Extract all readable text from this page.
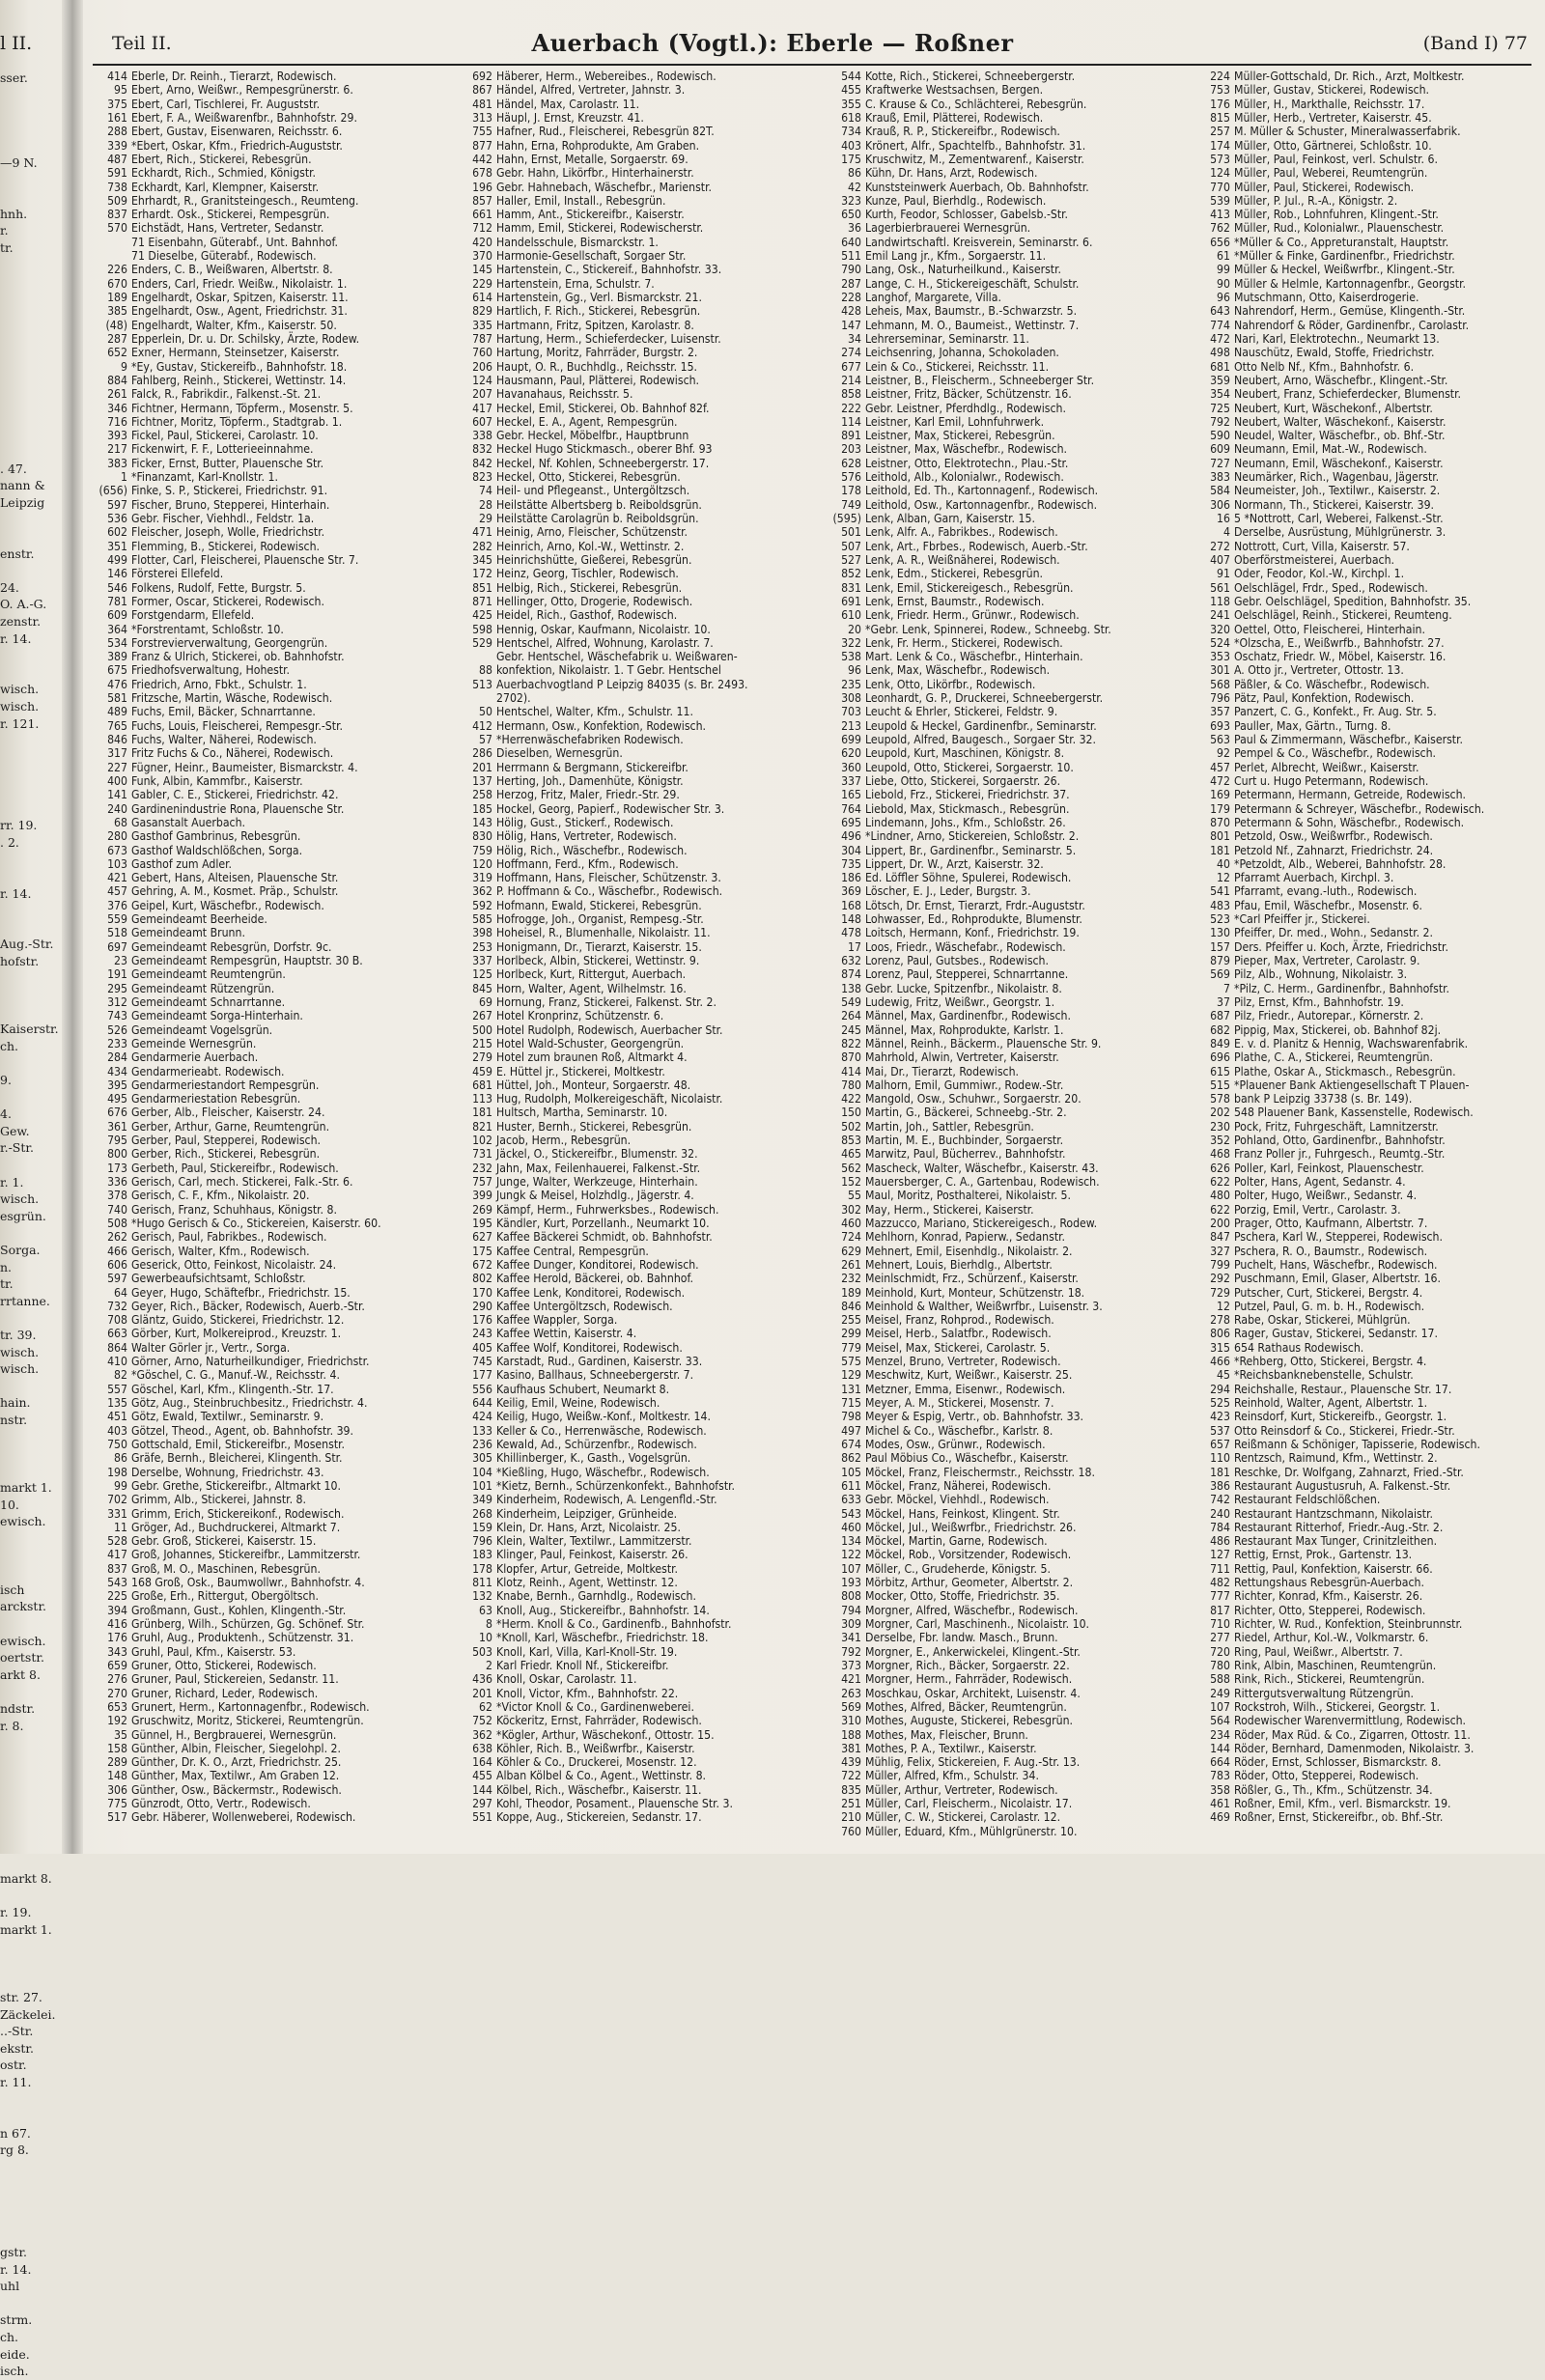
l II.	Teil II.	Auerbach (Vogtl.): Eberle — Roßner	(Band I) 77
sser.
—9 N.
hnh.
r.
tr.
. 47.
nann &
Leipzig
enstr.
24.
O. A.-G.
zenstr.
r. 14.
wisch.
wisch.
r. 121.
rr. 19.
. 2.
r. 14.
Aug.-Str.
hofstr.
Kaiserstr.
ch.
9.
4.
Gew.
r.-Str.
r. 1.
wisch.
esgrün.
Sorga.
n.
tr.
rrtanne.
tr. 39.
wisch.
wisch.
hain.
nstr.
markt 1.
10.
ewisch.
isch
arckstr.
ewisch.
oertstr.
arkt 8.
ndstr.
r. 8.
markt 8.
r. 19.
markt 1.
str. 27.
Zäckelei.
..-Str.
ekstr.
ostr.
r. 11.
n 67.
rg 8.
gstr.
r. 14.
uhl
strm.
ch.
eide.
isch.
414 Eberle, Dr. Reinh., Tierarzt, Rodewisch.
95 Ebert, Arno, Weißwr., Rempesgrünerstr. 6.
375 Ebert, Carl, Tischlerei, Fr. Auguststr.
161 Ebert, F. A., Weißwarenfbr., Bahnhofstr. 29.
288 Ebert, Gustav, Eisenwaren, Reichsstr. 6.
339 *Ebert, Oskar, Kfm., Friedrich-Auguststr.
487 Ebert, Rich., Stickerei, Rebesgrün.
591 Eckhardt, Rich., Schmied, Königstr.
738 Eckhardt, Karl, Klempner, Kaiserstr.
509 Ehrhardt, R., Granitsteingesch., Reumteng.
837 Erhardt. Osk., Stickerei, Rempesgrün.
570 Eichstädt, Hans, Vertreter, Sedanstr.
71 Eisenbahn, Güterabf., Unt. Bahnhof.
71 Dieselbe, Güterabf., Rodewisch.
226 Enders, C. B., Weißwaren, Albertstr. 8.
670 Enders, Carl, Friedr. Weißw., Nikolaistr. 1.
189 Engelhardt, Oskar, Spitzen, Kaiserstr. 11.
385 Engelhardt, Osw., Agent, Friedrichstr. 31.
(48) Engelhardt, Walter, Kfm., Kaiserstr. 50.
287 Epperlein, Dr. u. Dr. Schilsky, Ärzte, Rodew.
652 Exner, Hermann, Steinsetzer, Kaiserstr.
9 *Ey, Gustav, Stickereifb., Bahnhofstr. 18.
884 Fahlberg, Reinh., Stickerei, Wettinstr. 14.
261 Falck, R., Fabrikdir., Falkenst.-St. 21.
346 Fichtner, Hermann, Töpferm., Mosenstr. 5.
716 Fichtner, Moritz, Töpferm., Stadtgrab. 1.
393 Fickel, Paul, Stickerei, Carolastr. 10.
217 Fickenwirt, F. F., Lotterieeinnahme.
383 Ficker, Ernst, Butter, Plauensche Str.
1 *Finanzamt, Karl-Knollstr. 1.
(656) Finke, S. P., Stickerei, Friedrichstr. 91.
597 Fischer, Bruno, Stepperei, Hinterhain.
536 Gebr. Fischer, Viehhdl., Feldstr. 1a.
602 Fleischer, Joseph, Wolle, Friedrichstr.
351 Flemming, B., Stickerei, Rodewisch.
499 Flotter, Carl, Fleischerei, Plauensche Str. 7.
146 Försterei Ellefeld.
546 Folkens, Rudolf, Fette, Burgstr. 5.
781 Former, Oscar, Stickerei, Rodewisch.
609 Forstgendarm, Ellefeld.
364 *Forstrentamt, Schloßstr. 10.
534 Forstrevierverwaltung, Georgengrün.
389 Franz & Ulrich, Stickerei, ob. Bahnhofstr.
675 Friedhofsverwaltung, Hohestr.
476 Friedrich, Arno, Fbkt., Schulstr. 1.
581 Fritzsche, Martin, Wäsche, Rodewisch.
489 Fuchs, Emil, Bäcker, Schnarrtanne.
765 Fuchs, Louis, Fleischerei, Rempesgr.-Str.
846 Fuchs, Walter, Näherei, Rodewisch.
317 Fritz Fuchs & Co., Näherei, Rodewisch.
227 Fügner, Heinr., Baumeister, Bismarckstr. 4.
400 Funk, Albin, Kammfbr., Kaiserstr.
141 Gabler, C. E., Stickerei, Friedrichstr. 42.
240 Gardinenindustrie Rona, Plauensche Str.
68 Gasanstalt Auerbach.
280 Gasthof Gambrinus, Rebesgrün.
673 Gasthof Waldschlößchen, Sorga.
103 Gasthof zum Adler.
421 Gebert, Hans, Alteisen, Plauensche Str.
457 Gehring, A. M., Kosmet. Präp., Schulstr.
376 Geipel, Kurt, Wäschefbr., Rodewisch.
559 Gemeindeamt Beerheide.
518 Gemeindeamt Brunn.
697 Gemeindeamt Rebesgrün, Dorfstr. 9c.
23 Gemeindeamt Rempesgrün, Hauptstr. 30 B.
191 Gemeindeamt Reumtengrün.
295 Gemeindeamt Rützengrün.
312 Gemeindeamt Schnarrtanne.
743 Gemeindeamt Sorga-Hinterhain.
526 Gemeindeamt Vogelsgrün.
233 Gemeinde Wernesgrün.
284 Gendarmerie Auerbach.
434 Gendarmerieabt. Rodewisch.
395 Gendarmeriestandort Rempesgrün.
495 Gendarmeriestation Rebesgrün.
676 Gerber, Alb., Fleischer, Kaiserstr. 24.
361 Gerber, Arthur, Garne, Reumtengrün.
795 Gerber, Paul, Stepperei, Rodewisch.
800 Gerber, Rich., Stickerei, Rebesgrün.
173 Gerbeth, Paul, Stickereifbr., Rodewisch.
336 Gerisch, Carl, mech. Stickerei, Falk.-Str. 6.
378 Gerisch, C. F., Kfm., Nikolaistr. 20.
740 Gerisch, Franz, Schuhhaus, Königstr. 8.
508 *Hugo Gerisch & Co., Stickereien, Kaiserstr. 60.
262 Gerisch, Paul, Fabrikbes., Rodewisch.
466 Gerisch, Walter, Kfm., Rodewisch.
606 Geserick, Otto, Feinkost, Nicolaistr. 24.
597 Gewerbeaufsichtsamt, Schloßstr.
64 Geyer, Hugo, Schäftefbr., Friedrichstr. 15.
732 Geyer, Rich., Bäcker, Rodewisch, Auerb.-Str.
708 Gläntz, Guido, Stickerei, Friedrichstr. 12.
663 Görber, Kurt, Molkereiprod., Kreuzstr. 1.
864 Walter Görler jr., Vertr., Sorga.
410 Görner, Arno, Naturheilkundiger, Friedrichstr.
82 *Göschel, C. G., Manuf.-W., Reichsstr. 4.
557 Göschel, Karl, Kfm., Klingenth.-Str. 17.
135 Götz, Aug., Steinbruchbesitz., Friedrichstr. 4.
451 Götz, Ewald, Textilwr., Seminarstr. 9.
403 Götzel, Theod., Agent, ob. Bahnhofstr. 39.
750 Gottschald, Emil, Stickereifbr., Mosenstr.
86 Gräfe, Bernh., Bleicherei, Klingenth. Str.
198 Derselbe, Wohnung, Friedrichstr. 43.
99 Gebr. Grethe, Stickereifbr., Altmarkt 10.
702 Grimm, Alb., Stickerei, Jahnstr. 8.
331 Grimm, Erich, Stickereikonf., Rodewisch.
11 Gröger, Ad., Buchdruckerei, Altmarkt 7.
528 Gebr. Groß, Stickerei, Kaiserstr. 15.
417 Groß, Johannes, Stickereifbr., Lammitzerstr.
837 Groß, M. O., Maschinen, Rebesgrün.
543 168 Groß, Osk., Baumwollwr., Bahnhofstr. 4.
225 Große, Erh., Rittergut, Obergöltsch.
394 Großmann, Gust., Kohlen, Klingenth.-Str.
416 Grünberg, Wilh., Schürzen, Gg. Schönef. Str.
176 Gruhl, Aug., Produktenh., Schützenstr. 31.
343 Gruhl, Paul, Kfm., Kaiserstr. 53.
659 Gruner, Otto, Stickerei, Rodewisch.
276 Gruner, Paul, Stickereien, Sedanstr. 11.
270 Gruner, Richard, Leder, Rodewisch.
653 Grunert, Herm., Kartonnagenfbr., Rodewisch.
192 Gruschwitz, Moritz, Stickerei, Reumtengrün.
35 Günnel, H., Bergbrauerei, Wernesgrün.
158 Günther, Albin, Fleischer, Siegelohpl. 2.
289 Günther, Dr. K. O., Arzt, Friedrichstr. 25.
148 Günther, Max, Textilwr., Am Graben 12.
306 Günther, Osw., Bäckermstr., Rodewisch.
775 Günzrodt, Otto, Vertr., Rodewisch.
517 Gebr. Häberer, Wollenweberei, Rodewisch.
692 Häberer, Herm., Webereibes., Rodewisch.
867 Händel, Alfred, Vertreter, Jahnstr. 3.
481 Händel, Max, Carolastr. 11.
313 Häupl, J. Ernst, Kreuzstr. 41.
755 Hafner, Rud., Fleischerei, Rebesgrün 82T.
877 Hahn, Erna, Rohprodukte, Am Graben.
442 Hahn, Ernst, Metalle, Sorgaerstr. 69.
678 Gebr. Hahn, Likörfbr., Hinterhainerstr.
196 Gebr. Hahnebach, Wäschefbr., Marienstr.
857 Haller, Emil, Install., Rebesgrün.
661 Hamm, Ant., Stickereifbr., Kaiserstr.
712 Hamm, Emil, Stickerei, Rodewischerstr.
420 Handelsschule, Bismarckstr. 1.
370 Harmonie-Gesellschaft, Sorgaer Str.
145 Hartenstein, C., Stickereif., Bahnhofstr. 33.
229 Hartenstein, Erna, Schulstr. 7.
614 Hartenstein, Gg., Verl. Bismarckstr. 21.
829 Hartlich, F. Rich., Stickerei, Rebesgrün.
335 Hartmann, Fritz, Spitzen, Karolastr. 8.
787 Hartung, Herm., Schieferdecker, Luisenstr.
760 Hartung, Moritz, Fahrräder, Burgstr. 2.
206 Haupt, O. R., Buchhdlg., Reichsstr. 15.
124 Hausmann, Paul, Plätterei, Rodewisch.
207 Havanahaus, Reichsstr. 5.
417 Heckel, Emil, Stickerei, Ob. Bahnhof 82f.
607 Heckel, E. A., Agent, Rempesgrün.
338 Gebr. Heckel, Möbelfbr., Hauptbrunn
832 Heckel Hugo Stickmasch., oberer Bhf. 93
842 Heckel, Nf. Kohlen, Schneebergerstr. 17.
823 Heckel, Otto, Stickerei, Rebesgrün.
74 Heil- und Pflegeanst., Untergöltzsch.
28 Heilstätte Albertsberg b. Reiboldsgrün.
29 Heilstätte Carolagrün b. Reiboldsgrün.
471 Heinig, Arno, Fleischer, Schützenstr.
282 Heinrich, Arno, Kol.-W., Wettinstr. 2.
345 Heinrichshütte, Gießerei, Rebesgrün.
172 Heinz, Georg, Tischler, Rodewisch.
851 Helbig, Rich., Stickerei, Rebesgrün.
871 Hellinger, Otto, Drogerie, Rodewisch.
425 Heidel, Rich., Gasthof, Rodewisch.
598 Hennig, Oskar, Kaufmann, Nicolaistr. 10.
529 Hentschel, Alfred, Wohnung, Karolastr. 7.
Gebr. Hentschel, Wäschefabrik u. Weißwaren-
88 konfektion, Nikolaistr. 1. T Gebr. Hentschel
513 Auerbachvogtland P Leipzig 84035 (s. Br. 2493.
2702).
50 Hentschel, Walter, Kfm., Schulstr. 11.
412 Hermann, Osw., Konfektion, Rodewisch.
57 *Herrenwäschefabriken Rodewisch.
286 Dieselben, Wernesgrün.
201 Herrmann & Bergmann, Stickereifbr.
137 Herting, Joh., Damenhüte, Königstr.
258 Herzog, Fritz, Maler, Friedr.-Str. 29.
185 Hockel, Georg, Papierf., Rodewischer Str. 3.
143 Hölig, Gust., Stickerf., Rodewisch.
830 Hölig, Hans, Vertreter, Rodewisch.
759 Hölig, Rich., Wäschefbr., Rodewisch.
120 Hoffmann, Ferd., Kfm., Rodewisch.
319 Hoffmann, Hans, Fleischer, Schützenstr. 3.
362 P. Hoffmann & Co., Wäschefbr., Rodewisch.
592 Hofmann, Ewald, Stickerei, Rebesgrün.
585 Hofrogge, Joh., Organist, Rempesg.-Str.
398 Hoheisel, R., Blumenhalle, Nikolaistr. 11.
253 Honigmann, Dr., Tierarzt, Kaiserstr. 15.
337 Horlbeck, Albin, Stickerei, Wettinstr. 9.
125 Horlbeck, Kurt, Rittergut, Auerbach.
845 Horn, Walter, Agent, Wilhelmstr. 16.
69 Hornung, Franz, Stickerei, Falkenst. Str. 2.
267 Hotel Kronprinz, Schützenstr. 6.
500 Hotel Rudolph, Rodewisch, Auerbacher Str.
215 Hotel Wald-Schuster, Georgengrün.
279 Hotel zum braunen Roß, Altmarkt 4.
459 E. Hüttel jr., Stickerei, Moltkestr.
681 Hüttel, Joh., Monteur, Sorgaerstr. 48.
113 Hug, Rudolph, Molkereigeschäft, Nicolaistr.
181 Hultsch, Martha, Seminarstr. 10.
821 Huster, Bernh., Stickerei, Rebesgrün.
102 Jacob, Herm., Rebesgrün.
731 Jäckel, O., Stickereifbr., Blumenstr. 32.
232 Jahn, Max, Feilenhauerei, Falkenst.-Str.
757 Junge, Walter, Werkzeuge, Hinterhain.
399 Jungk & Meisel, Holzhdlg., Jägerstr. 4.
269 Kämpf, Herm., Fuhrwerksbes., Rodewisch.
195 Kändler, Kurt, Porzellanh., Neumarkt 10.
627 Kaffee Bäckerei Schmidt, ob. Bahnhofstr.
175 Kaffee Central, Rempesgrün.
672 Kaffee Dunger, Konditorei, Rodewisch.
802 Kaffee Herold, Bäckerei, ob. Bahnhof.
170 Kaffee Lenk, Konditorei, Rodewisch.
290 Kaffee Untergöltzsch, Rodewisch.
176 Kaffee Wappler, Sorga.
243 Kaffee Wettin, Kaiserstr. 4.
405 Kaffee Wolf, Konditorei, Rodewisch.
745 Karstadt, Rud., Gardinen, Kaiserstr. 33.
177 Kasino, Ballhaus, Schneebergerstr. 7.
556 Kaufhaus Schubert, Neumarkt 8.
644 Keilig, Emil, Weine, Rodewisch.
424 Keilig, Hugo, Weißw.-Konf., Moltkestr. 14.
133 Keller & Co., Herrenwäsche, Rodewisch.
236 Kewald, Ad., Schürzenfbr., Rodewisch.
305 Khillinberger, K., Gasth., Vogelsgrün.
104 *Kießling, Hugo, Wäschefbr., Rodewisch.
101 *Kietz, Bernh., Schürzenkonfekt., Bahnhofstr.
349 Kinderheim, Rodewisch, A. Lengenfld.-Str.
268 Kinderheim, Leipziger, Grünheide.
159 Klein, Dr. Hans, Arzt, Nicolaistr. 25.
796 Klein, Walter, Textilwr., Lammitzerstr.
183 Klinger, Paul, Feinkost, Kaiserstr. 26.
178 Klopfer, Artur, Getreide, Moltkestr.
811 Klotz, Reinh., Agent, Wettinstr. 12.
132 Knabe, Bernh., Garnhdlg., Rodewisch.
63 Knoll, Aug., Stickereifbr., Bahnhofstr. 14.
8 *Herm. Knoll & Co., Gardinenfb., Bahnhofstr.
10 *Knoll, Karl, Wäschefbr., Friedrichstr. 18.
503 Knoll, Karl, Villa, Karl-Knoll-Str. 19.
2 Karl Friedr. Knoll Nf., Stickereifbr.
436 Knoll, Oskar, Carolastr. 11.
201 Knoll, Victor, Kfm., Bahnhofstr. 22.
62 *Victor Knoll & Co., Gardinenweberei.
752 Köckeritz, Ernst, Fahrräder, Rodewisch.
362 *Kögler, Arthur, Wäschekonf., Ottostr. 15.
638 Köhler, Rich. B., Weißwrfbr., Kaiserstr.
164 Köhler & Co., Druckerei, Mosenstr. 12.
455 Alban Kölbel & Co., Agent., Wettinstr. 8.
144 Kölbel, Rich., Wäschefbr., Kaiserstr. 11.
297 Kohl, Theodor, Posament., Plauensche Str. 3.
551 Koppe, Aug., Stickereien, Sedanstr. 17.
544 Kotte, Rich., Stickerei, Schneebergerstr.
455 Kraftwerke Westsachsen, Bergen.
355 C. Krause & Co., Schlächterei, Rebesgrün.
618 Krauß, Emil, Plätterei, Rodewisch.
734 Krauß, R. P., Stickereifbr., Rodewisch.
403 Krönert, Alfr., Spachtelfb., Bahnhofstr. 31.
175 Kruschwitz, M., Zementwarenf., Kaiserstr.
86 Kühn, Dr. Hans, Arzt, Rodewisch.
42 Kunststeinwerk Auerbach, Ob. Bahnhofstr.
323 Kunze, Paul, Bierhdlg., Rodewisch.
650 Kurth, Feodor, Schlosser, Gabelsb.-Str.
36 Lagerbierbrauerei Wernesgrün.
640 Landwirtschaftl. Kreisverein, Seminarstr. 6.
511 Emil Lang jr., Kfm., Sorgaerstr. 11.
790 Lang, Osk., Naturheilkund., Kaiserstr.
287 Lange, C. H., Stickereigeschäft, Schulstr.
228 Langhof, Margarete, Villa.
428 Leheis, Max, Baumstr., B.-Schwarzstr. 5.
147 Lehmann, M. O., Baumeist., Wettinstr. 7.
34 Lehrerseminar, Seminarstr. 11.
274 Leichsenring, Johanna, Schokoladen.
677 Lein & Co., Stickerei, Reichsstr. 11.
214 Leistner, B., Fleischerm., Schneeberger Str.
858 Leistner, Fritz, Bäcker, Schützenstr. 16.
222 Gebr. Leistner, Pferdhdlg., Rodewisch.
114 Leistner, Karl Emil, Lohnfuhrwerk.
891 Leistner, Max, Stickerei, Rebesgrün.
203 Leistner, Max, Wäschefbr., Rodewisch.
628 Leistner, Otto, Elektrotechn., Plau.-Str.
576 Leithold, Alb., Kolonialwr., Rodewisch.
178 Leithold, Ed. Th., Kartonnagenf., Rodewisch.
749 Leithold, Osw., Kartonnagenfbr., Rodewisch.
(595) Lenk, Alban, Garn, Kaiserstr. 15.
501 Lenk, Alfr. A., Fabrikbes., Rodewisch.
507 Lenk, Art., Fbrbes., Rodewisch, Auerb.-Str.
527 Lenk, A. R., Weißnäherei, Rodewisch.
852 Lenk, Edm., Stickerei, Rebesgrün.
831 Lenk, Emil, Stickereigesch., Rebesgrün.
691 Lenk, Ernst, Baumstr., Rodewisch.
610 Lenk, Friedr. Herm., Grünwr., Rodewisch.
20 *Gebr. Lenk, Spinnerei, Rodew., Schneebg. Str.
322 Lenk, Fr. Herm., Stickerei, Rodewisch.
538 Mart. Lenk & Co., Wäschefbr., Hinterhain.
96 Lenk, Max, Wäschefbr., Rodewisch.
235 Lenk, Otto, Likörfbr., Rodewisch.
308 Leonhardt, G. P., Druckerei, Schneebergerstr.
703 Leucht & Ehrler, Stickerei, Feldstr. 9.
213 Leupold & Heckel, Gardinenfbr., Seminarstr.
699 Leupold, Alfred, Baugesch., Sorgaer Str. 32.
620 Leupold, Kurt, Maschinen, Königstr. 8.
360 Leupold, Otto, Stickerei, Sorgaerstr. 10.
337 Liebe, Otto, Stickerei, Sorgaerstr. 26.
165 Liebold, Frz., Stickerei, Friedrichstr. 37.
764 Liebold, Max, Stickmasch., Rebesgrün.
695 Lindemann, Johs., Kfm., Schloßstr. 26.
496 *Lindner, Arno, Stickereien, Schloßstr. 2.
304 Lippert, Br., Gardinenfbr., Seminarstr. 5.
735 Lippert, Dr. W., Arzt, Kaiserstr. 32.
186 Ed. Löffler Söhne, Spulerei, Rodewisch.
369 Löscher, E. J., Leder, Burgstr. 3.
168 Lötsch, Dr. Ernst, Tierarzt, Frdr.-Auguststr.
148 Lohwasser, Ed., Rohprodukte, Blumenstr.
478 Loitsch, Hermann, Konf., Friedrichstr. 19.
17 Loos, Friedr., Wäschefabr., Rodewisch.
632 Lorenz, Paul, Gutsbes., Rodewisch.
874 Lorenz, Paul, Stepperei, Schnarrtanne.
138 Gebr. Lucke, Spitzenfbr., Nikolaistr. 8.
549 Ludewig, Fritz, Weißwr., Georgstr. 1.
264 Männel, Max, Gardinenfbr., Rodewisch.
245 Männel, Max, Rohprodukte, Karlstr. 1.
822 Männel, Reinh., Bäckerm., Plauensche Str. 9.
870 Mahrhold, Alwin, Vertreter, Kaiserstr.
414 Mai, Dr., Tierarzt, Rodewisch.
780 Malhorn, Emil, Gummiwr., Rodew.-Str.
422 Mangold, Osw., Schuhwr., Sorgaerstr. 20.
150 Martin, G., Bäckerei, Schneebg.-Str. 2.
502 Martin, Joh., Sattler, Rebesgrün.
853 Martin, M. E., Buchbinder, Sorgaerstr.
465 Marwitz, Paul, Bücherrev., Bahnhofstr.
562 Mascheck, Walter, Wäschefbr., Kaiserstr. 43.
152 Mauersberger, C. A., Gartenbau, Rodewisch.
55 Maul, Moritz, Posthalterei, Nikolaistr. 5.
302 May, Herm., Stickerei, Kaiserstr.
460 Mazzucco, Mariano, Stickereigesch., Rodew.
724 Mehlhorn, Konrad, Papierw., Sedanstr.
629 Mehnert, Emil, Eisenhdlg., Nikolaistr. 2.
261 Mehnert, Louis, Bierhdlg., Albertstr.
232 Meinlschmidt, Frz., Schürzenf., Kaiserstr.
189 Meinhold, Kurt, Monteur, Schützenstr. 18.
846 Meinhold & Walther, Weißwrfbr., Luisenstr. 3.
255 Meisel, Franz, Rohprod., Rodewisch.
299 Meisel, Herb., Salatfbr., Rodewisch.
779 Meisel, Max, Stickerei, Carolastr. 5.
575 Menzel, Bruno, Vertreter, Rodewisch.
129 Meschwitz, Kurt, Weißwr., Kaiserstr. 25.
131 Metzner, Emma, Eisenwr., Rodewisch.
715 Meyer, A. M., Stickerei, Mosenstr. 7.
798 Meyer & Espig, Vertr., ob. Bahnhofstr. 33.
497 Michel & Co., Wäschefbr., Karlstr. 8.
674 Modes, Osw., Grünwr., Rodewisch.
862 Paul Möbius Co., Wäschefbr., Kaiserstr.
105 Möckel, Franz, Fleischermstr., Reichsstr. 18.
611 Möckel, Franz, Näherei, Rodewisch.
633 Gebr. Möckel, Viehhdl., Rodewisch.
543 Möckel, Hans, Feinkost, Klingent. Str.
460 Möckel, Jul., Weißwrfbr., Friedrichstr. 26.
134 Möckel, Martin, Garne, Rodewisch.
122 Möckel, Rob., Vorsitzender, Rodewisch.
107 Möller, C., Grudeherde, Königstr. 5.
193 Mörbitz, Arthur, Geometer, Albertstr. 2.
808 Mocker, Otto, Stoffe, Friedrichstr. 35.
794 Morgner, Alfred, Wäschefbr., Rodewisch.
309 Morgner, Carl, Maschinenh., Nicolaistr. 10.
341 Derselbe, Fbr. landw. Masch., Brunn.
792 Morgner, E., Ankerwickelei, Klingent.-Str.
373 Morgner, Rich., Bäcker, Sorgaerstr. 22.
421 Morgner, Herm., Fahrräder, Rodewisch.
263 Moschkau, Oskar, Architekt, Luisenstr. 4.
569 Mothes, Alfred, Bäcker, Reumtengrün.
310 Mothes, Auguste, Stickerei, Rebesgrün.
188 Mothes, Max, Fleischer, Brunn.
381 Mothes, P. A., Textilwr., Kaiserstr.
439 Mühlig, Felix, Stickereien, F. Aug.-Str. 13.
722 Müller, Alfred, Kfm., Schulstr. 34.
835 Müller, Arthur, Vertreter, Rodewisch.
251 Müller, Carl, Fleischerm., Nicolaistr. 17.
210 Müller, C. W., Stickerei, Carolastr. 12.
760 Müller, Eduard, Kfm., Mühlgrünerstr. 10.
224 Müller-Gottschald, Dr. Rich., Arzt, Moltkestr.
753 Müller, Gustav, Stickerei, Rodewisch.
176 Müller, H., Markthalle, Reichsstr. 17.
815 Müller, Herb., Vertreter, Kaiserstr. 45.
257 M. Müller & Schuster, Mineralwasserfabrik.
174 Müller, Otto, Gärtnerei, Schloßstr. 10.
573 Müller, Paul, Feinkost, verl. Schulstr. 6.
124 Müller, Paul, Weberei, Reumtengrün.
770 Müller, Paul, Stickerei, Rodewisch.
539 Müller, P. Jul., R.-A., Königstr. 2.
413 Müller, Rob., Lohnfuhren, Klingent.-Str.
762 Müller, Rud., Kolonialwr., Plauenschestr.
656 *Müller & Co., Appreturanstalt, Hauptstr.
61 *Müller & Finke, Gardinenfbr., Friedrichstr.
99 Müller & Heckel, Weißwrfbr., Klingent.-Str.
90 Müller & Helmle, Kartonnagenfbr., Georgstr.
96 Mutschmann, Otto, Kaiserdrogerie.
643 Nahrendorf, Herm., Gemüse, Klingenth.-Str.
774 Nahrendorf & Röder, Gardinenfbr., Carolastr.
472 Nari, Karl, Elektrotechn., Neumarkt 13.
498 Nauschütz, Ewald, Stoffe, Friedrichstr.
681 Otto Nelb Nf., Kfm., Bahnhofstr. 6.
359 Neubert, Arno, Wäschefbr., Klingent.-Str.
354 Neubert, Franz, Schieferdecker, Blumenstr.
725 Neubert, Kurt, Wäschekonf., Albertstr.
792 Neubert, Walter, Wäschekonf., Kaiserstr.
590 Neudel, Walter, Wäschefbr., ob. Bhf.-Str.
609 Neumann, Emil, Mat.-W., Rodewisch.
727 Neumann, Emil, Wäschekonf., Kaiserstr.
383 Neumärker, Rich., Wagenbau, Jägerstr.
584 Neumeister, Joh., Textilwr., Kaiserstr. 2.
306 Normann, Th., Stickerei, Kaiserstr. 39.
16 5 *Nottrott, Carl, Weberei, Falkenst.-Str.
4 Derselbe, Ausrüstung, Mühlgrünerstr. 3.
272 Nottrott, Curt, Villa, Kaiserstr. 57.
407 Oberförstmeisterei, Auerbach.
91 Oder, Feodor, Kol.-W., Kirchpl. 1.
561 Oelschlägel, Frdr., Sped., Rodewisch.
118 Gebr. Oelschlägel, Spedition, Bahnhofstr. 35.
241 Oelschlägel, Reinh., Stickerei, Reumteng.
320 Oettel, Otto, Fleischerei, Hinterhain.
524 *Olzscha, E., Weißwrfb., Bahnhofstr. 27.
353 Oschatz, Friedr. W., Möbel, Kaiserstr. 16.
301 A. Otto jr., Vertreter, Ottostr. 13.
568 Päßler, & Co. Wäschefbr., Rodewisch.
796 Pätz, Paul, Konfektion, Rodewisch.
357 Panzert, C. G., Konfekt., Fr. Aug. Str. 5.
693 Pauller, Max, Gärtn., Turng. 8.
563 Paul & Zimmermann, Wäschefbr., Kaiserstr.
92 Pempel & Co., Wäschefbr., Rodewisch.
457 Perlet, Albrecht, Weißwr., Kaiserstr.
472 Curt u. Hugo Petermann, Rodewisch.
169 Petermann, Hermann, Getreide, Rodewisch.
179 Petermann & Schreyer, Wäschefbr., Rodewisch.
870 Petermann & Sohn, Wäschefbr., Rodewisch.
801 Petzold, Osw., Weißwrfbr., Rodewisch.
181 Petzold Nf., Zahnarzt, Friedrichstr. 24.
40 *Petzoldt, Alb., Weberei, Bahnhofstr. 28.
12 Pfarramt Auerbach, Kirchpl. 3.
541 Pfarramt, evang.-luth., Rodewisch.
483 Pfau, Emil, Wäschefbr., Mosenstr. 6.
523 *Carl Pfeiffer jr., Stickerei.
130 Pfeiffer, Dr. med., Wohn., Sedanstr. 2.
157 Ders. Pfeiffer u. Koch, Ärzte, Friedrichstr.
879 Pieper, Max, Vertreter, Carolastr. 9.
569 Pilz, Alb., Wohnung, Nikolaistr. 3.
7 *Pilz, C. Herm., Gardinenfbr., Bahnhofstr.
37 Pilz, Ernst, Kfm., Bahnhofstr. 19.
687 Pilz, Friedr., Autorepar., Körnerstr. 2.
682 Pippig, Max, Stickerei, ob. Bahnhof 82j.
849 E. v. d. Planitz & Hennig, Wachswarenfabrik.
696 Plathe, C. A., Stickerei, Reumtengrün.
615 Plathe, Oskar A., Stickmasch., Rebesgrün.
515 *Plauener Bank Aktiengesellschaft T Plauen-
578 bank P Leipzig 33738 (s. Br. 149).
202 548 Plauener Bank, Kassenstelle, Rodewisch.
230 Pock, Fritz, Fuhrgeschäft, Lamnitzerstr.
352 Pohland, Otto, Gardinenfbr., Bahnhofstr.
468 Franz Poller jr., Fuhrgesch., Reumtg.-Str.
626 Poller, Karl, Feinkost, Plauenschestr.
622 Polter, Hans, Agent, Sedanstr. 4.
480 Polter, Hugo, Weißwr., Sedanstr. 4.
622 Porzig, Emil, Vertr., Carolastr. 3.
200 Prager, Otto, Kaufmann, Albertstr. 7.
847 Pschera, Karl W., Stepperei, Rodewisch.
327 Pschera, R. O., Baumstr., Rodewisch.
799 Puchelt, Hans, Wäschefbr., Rodewisch.
292 Puschmann, Emil, Glaser, Albertstr. 16.
729 Putscher, Curt, Stickerei, Bergstr. 4.
12 Putzel, Paul, G. m. b. H., Rodewisch.
278 Rabe, Oskar, Stickerei, Mühlgrün.
806 Rager, Gustav, Stickerei, Sedanstr. 17.
315 654 Rathaus Rodewisch.
466 *Rehberg, Otto, Stickerei, Bergstr. 4.
45 *Reichsbanknebenstelle, Schulstr.
294 Reichshalle, Restaur., Plauensche Str. 17.
525 Reinhold, Walter, Agent, Albertstr. 1.
423 Reinsdorf, Kurt, Stickereifb., Georgstr. 1.
537 Otto Reinsdorf & Co., Stickerei, Friedr.-Str.
657 Reißmann & Schöniger, Tapisserie, Rodewisch.
110 Rentzsch, Raimund, Kfm., Wettinstr. 2.
181 Reschke, Dr. Wolfgang, Zahnarzt, Fried.-Str.
386 Restaurant Augustusruh, A. Falkenst.-Str.
742 Restaurant Feldschlößchen.
240 Restaurant Hantzschmann, Nikolaistr.
784 Restaurant Ritterhof, Friedr.-Aug.-Str. 2.
486 Restaurant Max Tunger, Crinitzleithen.
127 Rettig, Ernst, Prok., Gartenstr. 13.
711 Rettig, Paul, Konfektion, Kaiserstr. 66.
482 Rettungshaus Rebesgrün-Auerbach.
777 Richter, Konrad, Kfm., Kaiserstr. 26.
817 Richter, Otto, Stepperei, Rodewisch.
710 Richter, W. Rud., Konfektion, Steinbrunnstr.
277 Riedel, Arthur, Kol.-W., Volkmarstr. 6.
720 Ring, Paul, Weißwr., Albertstr. 7.
780 Rink, Albin, Maschinen, Reumtengrün.
588 Rink, Rich., Stickerei, Reumtengrün.
249 Rittergutsverwaltung Rützengrün.
107 Rockstroh, Wilh., Stickerei, Georgstr. 1.
564 Rodewischer Warenvermittlung, Rodewisch.
234 Röder, Max Rüd. & Co., Zigarren, Ottostr. 11.
144 Röder, Bernhard, Damenmoden, Nikolaistr. 3.
664 Röder, Ernst, Schlosser, Bismarckstr. 8.
783 Röder, Otto, Stepperei, Rodewisch.
358 Rößler, G., Th., Kfm., Schützenstr. 34.
461 Roßner, Emil, Kfm., verl. Bismarckstr. 19.
469 Roßner, Ernst, Stickereifbr., ob. Bhf.-Str.
